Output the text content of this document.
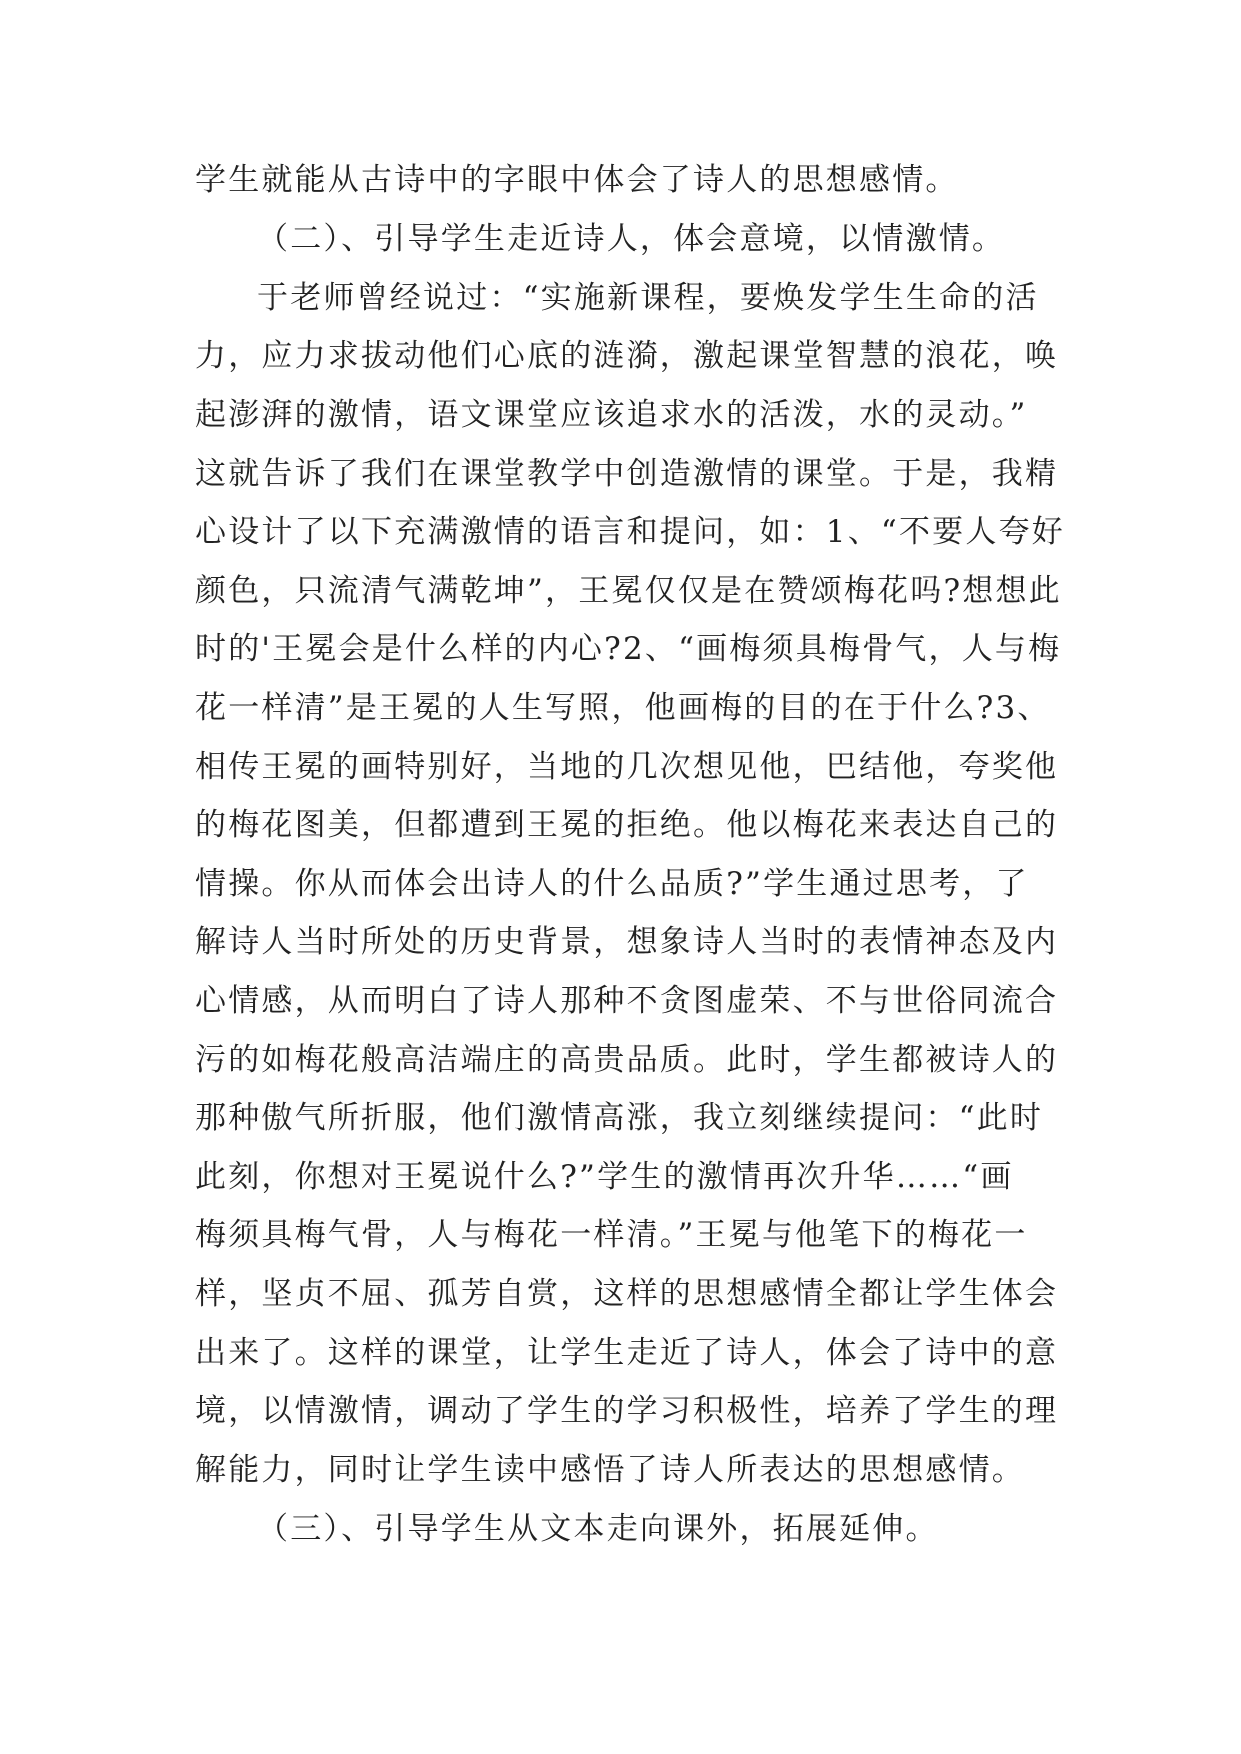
学生就能从古诗中的字眼中体会了诗人的思想感情。
（二）、引导学生走近诗人，体会意境，以情激情。
于老师曾经说过：“实施新课程，要焕发学生生命的活
力，应力求拔动他们心底的涟漪，激起课堂智慧的浪花，唤
起澎湃的激情，语文课堂应该追求水的活泼，水的灵动。”
这就告诉了我们在课堂教学中创造激情的课堂。于是，我精
心设计了以下充满激情的语言和提问，如：1、“不要人夸好
颜色，只流清气满乾坤”，王冕仅仅是在赞颂梅花吗?想想此
时的'王冕会是什么样的内心?2、“画梅须具梅骨气，人与梅
花一样清”是王冕的人生写照，他画梅的目的在于什么?3、
相传王冕的画特别好，当地的几次想见他，巴结他，夸奖他
的梅花图美，但都遭到王冕的拒绝。他以梅花来表达自己的
情操。你从而体会出诗人的什么品质?”学生通过思考，了
解诗人当时所处的历史背景，想象诗人当时的表情神态及内
心情感，从而明白了诗人那种不贪图虚荣、不与世俗同流合
污的如梅花般高洁端庄的高贵品质。此时，学生都被诗人的
那种傲气所折服，他们激情高涨，我立刻继续提问：“此时
此刻，你想对王冕说什么?”学生的激情再次升华……“画
梅须具梅气骨，人与梅花一样清。”王冕与他笔下的梅花一
样，坚贞不屈、孤芳自赏，这样的思想感情全都让学生体会
出来了。这样的课堂，让学生走近了诗人，体会了诗中的意
境，以情激情，调动了学生的学习积极性，培养了学生的理
解能力，同时让学生读中感悟了诗人所表达的思想感情。
（三）、引导学生从文本走向课外，拓展延伸。
